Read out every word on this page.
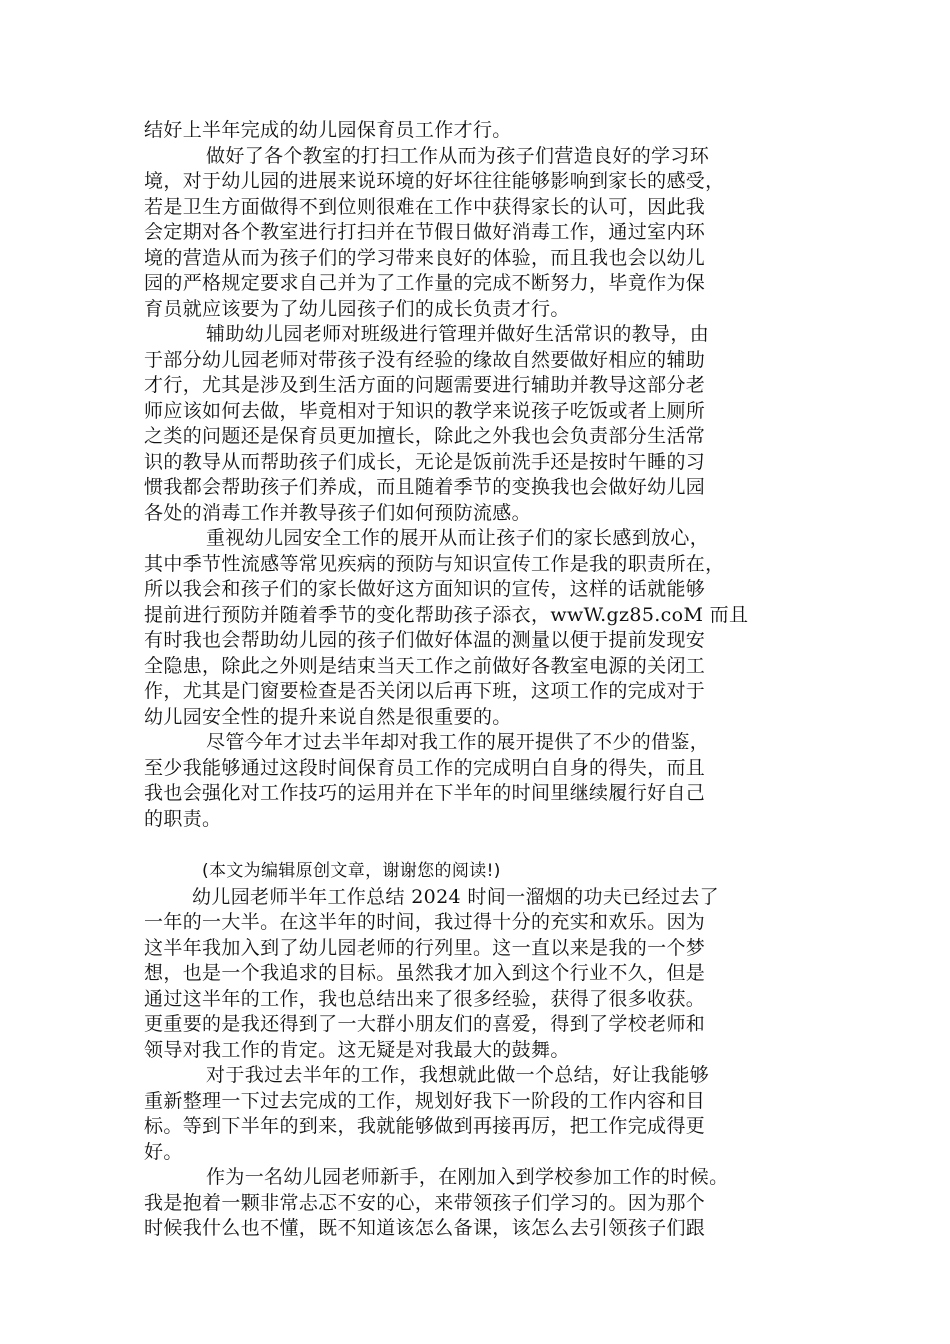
结好上半年完成的幼儿园保育员工作才行。
做好了各个教室的打扫工作从而为孩子们营造良好的学习环
境，对于幼儿园的进展来说环境的好坏往往能够影响到家长的感受，
若是卫生方面做得不到位则很难在工作中获得家长的认可，因此我
会定期对各个教室进行打扫并在节假日做好消毒工作，通过室内环
境的营造从而为孩子们的学习带来良好的体验，而且我也会以幼儿
园的严格规定要求自己并为了工作量的完成不断努力，毕竟作为保
育员就应该要为了幼儿园孩子们的成长负责才行。
辅助幼儿园老师对班级进行管理并做好生活常识的教导，由
于部分幼儿园老师对带孩子没有经验的缘故自然要做好相应的辅助
才行，尤其是涉及到生活方面的问题需要进行辅助并教导这部分老
师应该如何去做，毕竟相对于知识的教学来说孩子吃饭或者上厕所
之类的问题还是保育员更加擅长，除此之外我也会负责部分生活常
识的教导从而帮助孩子们成长，无论是饭前洗手还是按时午睡的习
惯我都会帮助孩子们养成，而且随着季节的变换我也会做好幼儿园
各处的消毒工作并教导孩子们如何预防流感。
重视幼儿园安全工作的展开从而让孩子们的家长感到放心，
其中季节性流感等常见疾病的预防与知识宣传工作是我的职责所在，
所以我会和孩子们的家长做好这方面知识的宣传，这样的话就能够
提前进行预防并随着季节的变化帮助孩子添衣，wwW.gz85.coM 而且
有时我也会帮助幼儿园的孩子们做好体温的测量以便于提前发现安
全隐患，除此之外则是结束当天工作之前做好各教室电源的关闭工
作，尤其是门窗要检查是否关闭以后再下班，这项工作的完成对于
幼儿园安全性的提升来说自然是很重要的。
尽管今年才过去半年却对我工作的展开提供了不少的借鉴，
至少我能够通过这段时间保育员工作的完成明白自身的得失，而且
我也会强化对工作技巧的运用并在下半年的时间里继续履行好自己
的职责。
(本文为编辑原创文章，谢谢您的阅读!)
幼儿园老师半年工作总结 2024 时间一溜烟的功夫已经过去了
一年的一大半。在这半年的时间，我过得十分的充实和欢乐。因为
这半年我加入到了幼儿园老师的行列里。这一直以来是我的一个梦
想，也是一个我追求的目标。虽然我才加入到这个行业不久，但是
通过这半年的工作，我也总结出来了很多经验，获得了很多收获。
更重要的是我还得到了一大群小朋友们的喜爱，得到了学校老师和
领导对我工作的肯定。这无疑是对我最大的鼓舞。
对于我过去半年的工作，我想就此做一个总结，好让我能够
重新整理一下过去完成的工作，规划好我下一阶段的工作内容和目
标。等到下半年的到来，我就能够做到再接再厉，把工作完成得更
好。
作为一名幼儿园老师新手，在刚加入到学校参加工作的时候。
我是抱着一颗非常忐忑不安的心，来带领孩子们学习的。因为那个
时候我什么也不懂，既不知道该怎么备课，该怎么去引领孩子们跟
